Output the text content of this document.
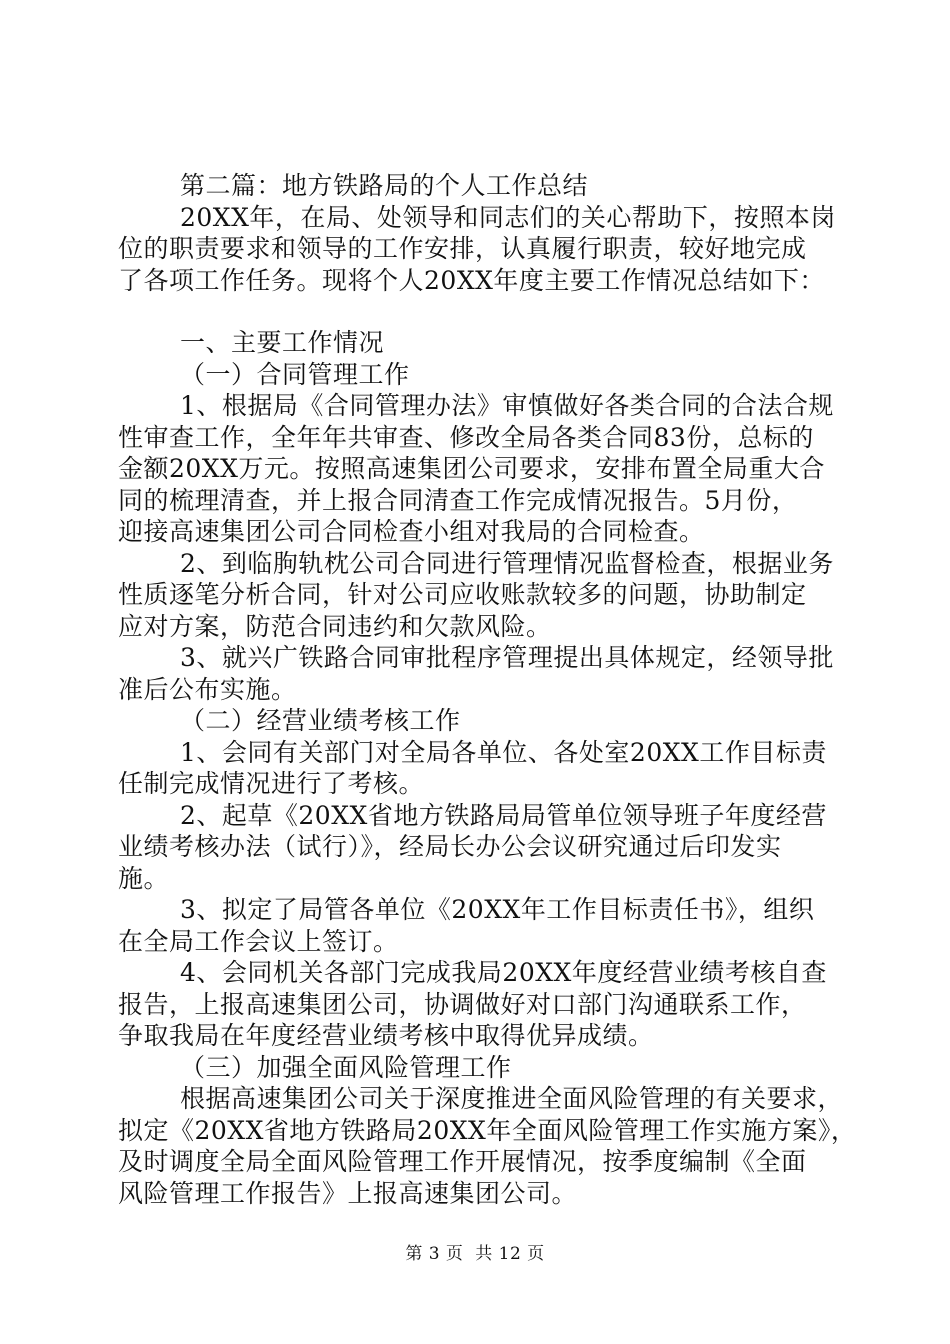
第二篇：地方铁路局的个人工作总结
20XX年，在局、处领导和同志们的关心帮助下，按照本岗
位的职责要求和领导的工作安排，认真履行职责，较好地完成
了各项工作任务。现将个人20XX年度主要工作情况总结如下：
一、主要工作情况
（一）合同管理工作
1、根据局《合同管理办法》审慎做好各类合同的合法合规
性审查工作，全年年共审查、修改全局各类合同83份，总标的
金额20XX万元。按照高速集团公司要求，安排布置全局重大合
同的梳理清查，并上报合同清查工作完成情况报告。5月份，
迎接高速集团公司合同检查小组对我局的合同检查。
2、到临朐轨枕公司合同进行管理情况监督检查，根据业务
性质逐笔分析合同，针对公司应收账款较多的问题，协助制定
应对方案，防范合同违约和欠款风险。
3、就兴广铁路合同审批程序管理提出具体规定，经领导批
准后公布实施。
（二）经营业绩考核工作
1、会同有关部门对全局各单位、各处室20XX工作目标责
任制完成情况进行了考核。
2、起草《20XX省地方铁路局局管单位领导班子年度经营
业绩考核办法（试行）》，经局长办公会议研究通过后印发实
施。
3、拟定了局管各单位《20XX年工作目标责任书》，组织
在全局工作会议上签订。
4、会同机关各部门完成我局20XX年度经营业绩考核自查
报告，上报高速集团公司，协调做好对口部门沟通联系工作，
争取我局在年度经营业绩考核中取得优异成绩。
（三）加强全面风险管理工作
根据高速集团公司关于深度推进全面风险管理的有关要求，
拟定《20XX省地方铁路局20XX年全面风险管理工作实施方案》，
及时调度全局全面风险管理工作开展情况，按季度编制《全面
风险管理工作报告》上报高速集团公司。
第 3 页  共 12 页
